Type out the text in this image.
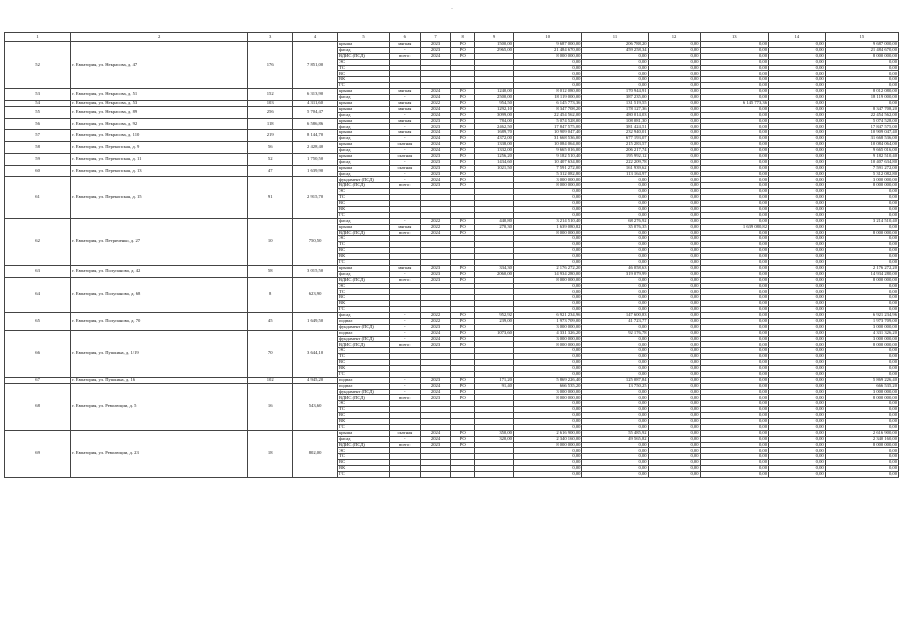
-
1	2	3	4	5	6	7	8	9	10	11	12	13	14	15
52	г. Евпатория, ул. Некрасова, д. 47	176	7 851,00	крыша	мягкая	2023	РО	1500,00	9 687 000,00	206 788,20	0,00	0,00	0,00	9 687 000,00
				фасад	-	2023	РО	2965,00	21 484 670,00	459 258,34	0,00	0,00	0,00	21 484 670,00
				ВДИС (ПСД)	всего:	2024	РО		8 000 000,00	0,00	0,00	0,00	0,00	8 000 000,00
				ЭС					0,00	0,00	0,00	0,00	0,00	0,00
				ТС					0,00	0,00	0,00	0,00	0,00	0,00
				ВС					0,00	0,00	0,00	0,00	0,00	0,00
				ВК					0,00	0,00	0,00	0,00	0,00	0,00
				ГС					0,00	0,00	0,00	0,00	0,00	0,00
53	г. Евпатория, ул. Некрасова, д. 51	152	6 313,90	крыша	мягкая	2024	РО	1240,00	8 012 080,00	170 944,91	0,00	0,00	0,00	8 012 080,00
				фасад	-	2024	РО	2500,00	18 119 000,00	387 235,00	0,00	0,00	0,00	18 119 000,00
54	г. Евпатория, ул. Некрасова, д. 53	103	4 311,60	крыша	мягкая	2022	РО	954,50	6 145 773,36	131 519,55	0,00	6 145 773,36	0,00	0,00
55	г. Евпатория, ул. Некрасова, д. 89	256	5 704,47	крыша	мягкая	2024	РО	1292,10	8 347 708,20	178 127,36	0,00	0,00	0,00	8 347 708,20
				фасад	-	2024	РО	3099,00	22 454 562,00	480 014,03	0,00	0,00	0,00	22 454 562,00
56	г. Евпатория, ул. Некрасова, д. 92	118	6 586,86	крыша	мягкая	2023	РО	784,00	5 074 528,00	108 081,30	0,00	0,00	0,00	5 074 528,00
				фасад	-	2023	РО	2462,50	17 847 575,00	381 424,51	0,00	0,00	0,00	17 847 575,00
57	г. Евпатория, ул. Некрасова, д. 110	219	8 144,70	крыша	мягкая	2024	РО	1689,70	10 909 047,40	232 940,01	0,00	0,00	0,00	10 909 047,40
				фасад	-	2024	РО	4372,00	31 668 536,00	677 193,07	0,00	0,00	0,00	31 668 536,00
58	г. Евпатория, ул. Перекопская, д. 9	56	2 428,40	крыша	скатная	2024	РО	1338,00	10 084 064,00	215 283,57	0,00	0,00	0,00	10 084 064,00
				фасад	-	2024	РО	1332,00	9 665 016,00	206 217,74	0,00	0,00	0,00	9 665 016,00
59	г. Евпатория, ул. Перекопская, д. 11	52	1 750,50	крыша	скатная	2023	РО	1256,20	9 182 510,40	195 992,12	0,00	0,00	0,00	9 182 510,40
				фасад	-	2023	РО	1434,60	10 407 634,80	222 209,78	0,00	0,00	0,00	10 407 634,80
60	г. Евпатория, ул. Перекопская, д. 13	47	1 639,90	крыша	скатная	2023	РО	1021,50	7 591 272,00	161 939,62	0,00	0,00	0,00	7 591 272,00
				фасад	-	2023	РО		5 312 082,80	113 164,97	0,00	0,00	0,00	5 312 082,80
61	г. Евпатория, ул. Перекопская, д. 15	91	2 915,70	фундамент (ПСД)	-	2024	РО		3 000 000,00	0,00	0,00	0,00	0,00	3 000 000,00
				ВДИС (ПСД)	всего:	2023	РО		8 000 000,00	0,00	0,00	0,00	0,00	8 000 000,00
				ЭС					0,00	0,00	0,00	0,00	0,00	0,00
				ТС					0,00	0,00	0,00	0,00	0,00	0,00
				ВС					0,00	0,00	0,00	0,00	0,00	0,00
				ВК					0,00	0,00	0,00	0,00	0,00	0,00
				ГС					0,00	0,00	0,00	0,00	0,00	0,00
62	г. Евпатория, ул. Петриченко, д. 27	10	750,50	фасад	-	2022	РО	440,80	3 214 510,40	68 276,92	0,00	0,00	0,00	3 214 510,40
				крыша	мягкая	2022	РО	270,30	1 639 080,82	35 076,35	0,00	1 639 080,82	0,00	0,00
				ВДИС (ПСД)	всего:	2024	РО		8 000 000,00	0,00	0,00	0,00	0,00	8 000 000,00
				ЭС					0,00	0,00	0,00	0,00	0,00	0,00
				ТС					0,00	0,00	0,00	0,00	0,00	0,00
				ВС					0,00	0,00	0,00	0,00	0,00	0,00
				ВК					0,00	0,00	0,00	0,00	0,00	0,00
				ГС					0,00	0,00	0,00	0,00	0,00	0,00
63	г. Евпатория, ул. Полупанова, д. 42	58	3 015,50	крыша	мягкая	2023	РО	334,30	2 176 272,20	46 058,63	0,00	0,00	0,00	2 176 272,20
				фасад	-	2023	РО	2060,00	14 934 280,00	319 079,99	0,00	0,00	0,00	14 934 280,00
64	г. Евпатория, ул. Полупанова, д. 68	8	623,90	ВДИС (ПСД)	всего:	2023	РО		8 000 000,00	0,00	0,00	0,00	0,00	8 000 000,00
				ЭС					0,00	0,00	0,00	0,00	0,00	0,00
				ТС					0,00	0,00	0,00	0,00	0,00	0,00
				ВС					0,00	0,00	0,00	0,00	0,00	0,00
				ВК					0,00	0,00	0,00	0,00	0,00	0,00
				ГС					0,00	0,00	0,00	0,00	0,00	0,00
65	г. Евпатория, ул. Полупанова, д. 70	45	1 649,50	фасад	-	2022	РО	952,92	6 921 234,96	147 600,83	0,00	0,00	0,00	6 921 234,96
				подвал	-	2022	РО	239,00	1 973 709,00	41 723,77	0,00	0,00	0,00	1 973 709,00
				фундамент (ПСД)	-	2023	РО		3 000 000,00	0,00	0,00	0,00	0,00	3 000 000,00
66	г. Евпатория, ул. Пушкина, д. 1/19	70	3 644,10	подвал	-	2024	РО	1073,60	4 331 326,20	92 176,78	0,00	0,00	0,00	4 331 326,20
				фундамент (ПСД)	-	2024	РО		3 000 000,00	0,00	0,00	0,00	0,00	3 000 000,00
				ВДИС (ПСД)	всего:	2023	РО		8 000 000,00	0,00	0,00	0,00	0,00	8 000 000,00
				ЭС					0,00	0,00	0,00	0,00	0,00	0,00
				ТС					0,00	0,00	0,00	0,00	0,00	0,00
				ВС					0,00	0,00	0,00	0,00	0,00	0,00
				ВК					0,00	0,00	0,00	0,00	0,00	0,00
				ГС					0,00	0,00	0,00	0,00	0,00	0,00
67	г. Евпатория, ул. Пушкина, д. 16	102	4 945,20	подвал	-	2023	РО	171,20	5 869 226,40	125 087,84	0,00	0,00	0,00	5 869 226,40
68	г. Евпатория, ул. Революции, д. 5	16	543,60	подвал	-	2024	РО	91,40	666 535,20	13 750,25	0,00	0,00	0,00	666 535,20
				фундамент (ПСД)	-	2024	РО		3 000 000,00	0,00	0,00	0,00	0,00	3 000 000,00
				ВДИС (ПСД)	всего:	2023	РО		8 000 000,00	0,00	0,00	0,00	0,00	8 000 000,00
				ЭС					0,00	0,00	0,00	0,00	0,00	0,00
				ТС					0,00	0,00	0,00	0,00	0,00	0,00
				ВС					0,00	0,00	0,00	0,00	0,00	0,00
				ВК					0,00	0,00	0,00	0,00	0,00	0,00
				ГС					0,00	0,00	0,00	0,00	0,00	0,00
69	г. Евпатория, ул. Революции, д. 23	18	802,00	крыша	скатная	2024	РО	350,00	2 616 900,00	55 485,92	0,00	0,00	0,00	2 616 900,00
				фасад	-	2024	РО	320,00	2 340 160,00	49 565,82	0,00	0,00	0,00	2 340 160,00
				ВДИС (ПСД)	всего:	2023	РО		8 000 000,00	0,00	0,00	0,00	0,00	8 000 000,00
				ЭС					0,00	0,00	0,00	0,00	0,00	0,00
				ТС					0,00	0,00	0,00	0,00	0,00	0,00
				ВС					0,00	0,00	0,00	0,00	0,00	0,00
				ВК					0,00	0,00	0,00	0,00	0,00	0,00
				ГС					0,00	0,00	0,00	0,00	0,00	0,00
